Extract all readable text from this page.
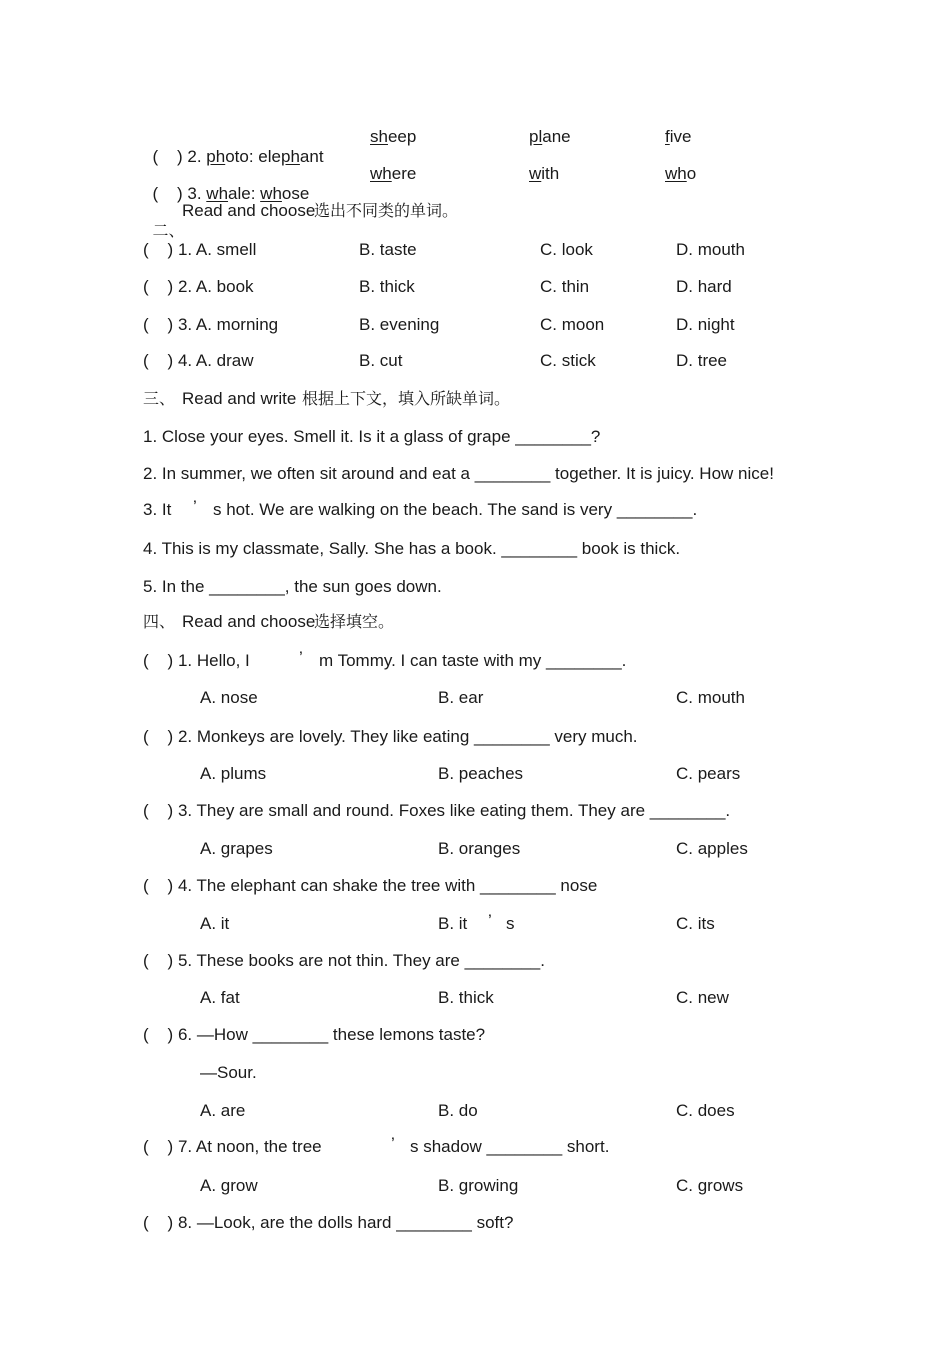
(    ) 2. photo: elephant

sheep	plane	five

(    ) 3. whale: whose

where	with	who

二、

Read and choose
选出不同类的单词。
(    ) 1. A. smell	B. taste	C. look	D. mouth
(    ) 2. A. book	B. thick	C. thin	D. hard
(    ) 3. A. morning	B. evening	C. moon	D. night
(    ) 4. A. draw	B. cut	C. stick	D. tree
三、 Read and write 根据上下文，填入所缺单词。
1. Close your eyes. Smell it. Is it a glass of grape ________?
2. In summer, we often sit around and eat a ________ together. It is juicy. How nice!
3. It ’ s hot. We are walking on the beach. The sand is very ________.
4. This is my classmate, Sally. She has a book. ________ book is thick.
5. In the ________, the sun goes down.
四、 Read and choose
选择填空。
(    ) 1. Hello, I	’ m Tommy. I can taste with my ________.
A. nose	B. ear	C. mouth
(    ) 2. Monkeys are lovely. They like eating ________ very much.
A. plums	B. peaches	C. pears
(    ) 3. They are small and round. Foxes like eating them. They are ________.
A. grapes	B. oranges	C. apples
(    ) 4. The elephant can shake the tree with ________ nose
A. it	B. it ’ s	C. its
(    ) 5. These books are not thin. They are ________.
A. fat	B. thick	C. new
(    ) 6. —How ________ these lemons taste?
—Sour.
A. are	B. do	C. does
(    ) 7. At noon, the tree	’ s shadow ________ short.
A. grow	B. growing	C. grows
(    ) 8. —Look, are the dolls hard ________ soft?
